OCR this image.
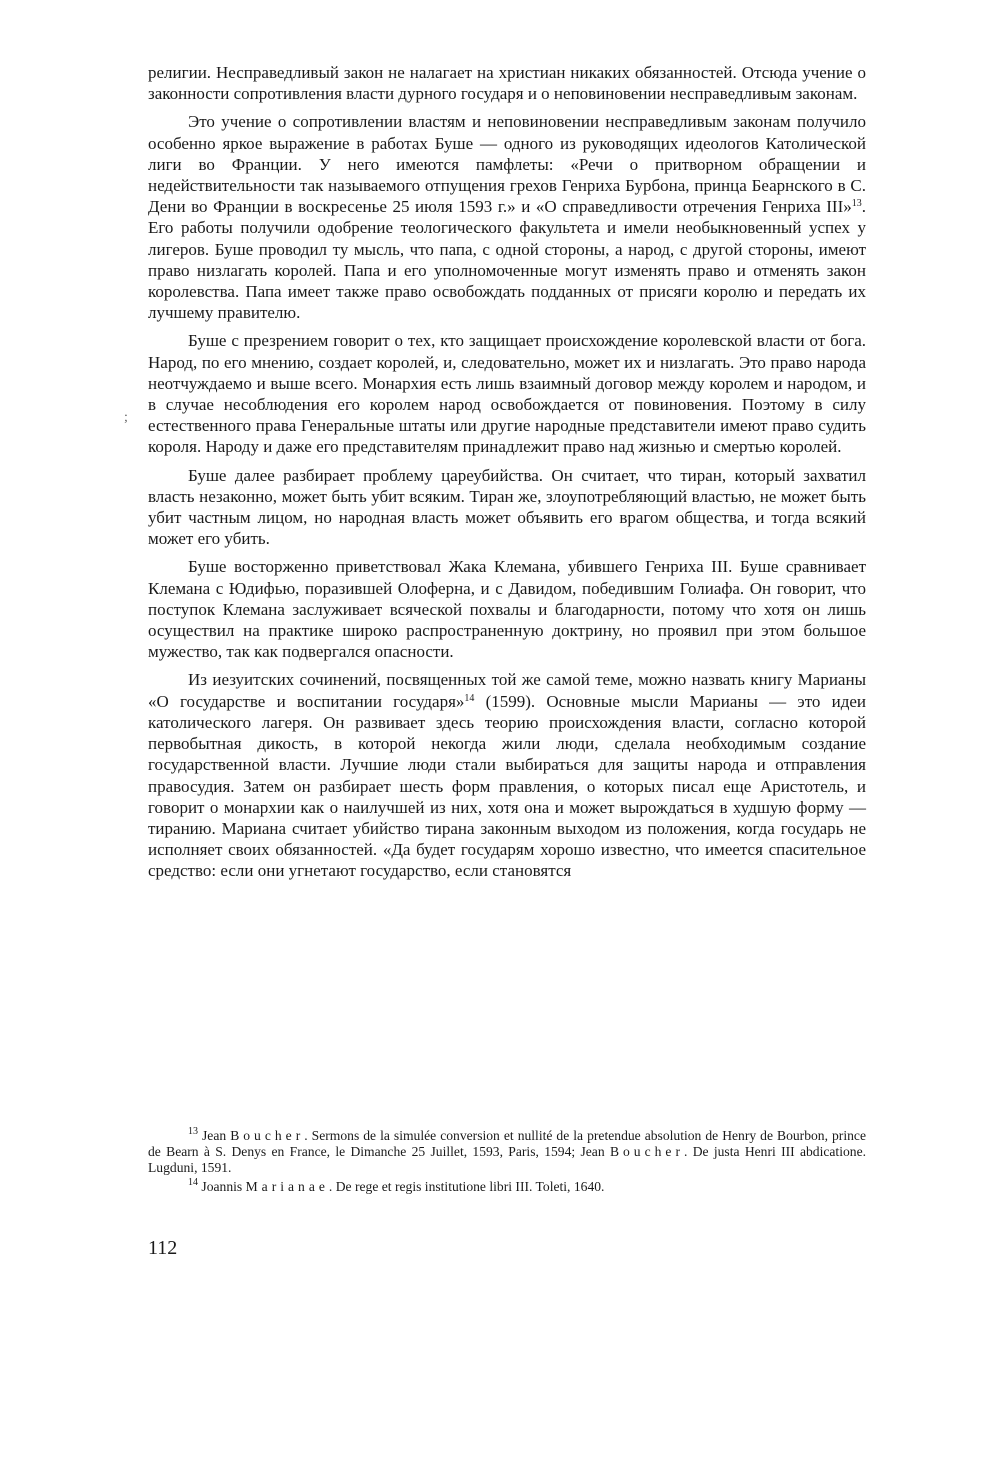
религии. Несправедливый закон не налагает на христиан никаких обязанностей. Отсюда учение о законности сопротивления власти дурного государя и о неповиновении несправедливым законам.

Это учение о сопротивлении властям и неповиновении несправедливым законам получило особенно яркое выражение в работах Буше — одного из руководящих идеологов Католической лиги во Франции. У него имеются памфлеты: «Речи о притворном обращении и недействительности так называемого отпущения грехов Генриха Бурбона, принца Беарнского в С. Дени во Франции в воскресенье 25 июля 1593 г.» и «О справедливости отречения Генриха III»$^{13}$. Его работы получили одобрение теологического факультета и имели необыкновенный успех у лигеров. Буше проводил ту мысль, что папа, с одной стороны, а народ, с другой стороны, имеют право низлагать королей. Папа и его уполномоченные могут изменять право и отменять закон королевства. Папа имеет также право освобождать подданных от присяги королю и передать их лучшему правителю.

Буше с презрением говорит о тех, кто защищает происхождение королевской власти от бога. Народ, по его мнению, создает королей, и, следовательно, может их и низлагать. Это право народа неотчуждаемо и выше всего. Монархия есть лишь взаимный договор между королем и народом, и в случае несоблюдения его королем народ освобождается от повиновения. Поэтому в силу естественного права Генеральные штаты или другие народные представители имеют право судить короля. Народу и даже его представителям принадлежит право над жизнью и смертью королей.

Буше далее разбирает проблему цареубийства. Он считает, что тиран, который захватил власть незаконно, может быть убит всяким. Тиран же, злоупотребляющий властью, не может быть убит частным лицом, но народная власть может объявить его врагом общества, и тогда всякий может его убить.

Буше восторженно приветствовал Жака Клемана, убившего Генриха III. Буше сравнивает Клемана с Юдифью, поразившей Олоферна, и с Давидом, победившим Голиафа. Он говорит, что поступок Клемана заслуживает всяческой похвалы и благодарности, потому что хотя он лишь осуществил на практике широко распространенную доктрину, но проявил при этом большое мужество, так как подвергался опасности.

Из иезуитских сочинений, посвященных той же самой теме, можно назвать книгу Марианы «О государстве и воспитании государя»$^{14}$ (1599). Основные мысли Марианы — это идеи католического лагеря. Он развивает здесь теорию происхождения власти, согласно которой первобытная дикость, в которой некогда жили люди, сделала необходимым создание государственной власти. Лучшие люди стали выбираться для защиты народа и отправления правосудия. Затем он разбирает шесть форм правления, о которых писал еще Аристотель, и говорит о монархии как о наилучшей из них, хотя она и может вырождаться в худшую форму — тиранию. Мариана считает убийство тирана законным выходом из положения, когда государь не исполняет своих обязанностей. «Да будет государям хорошо известно, что имеется спасительное средство: если они угнетают государство, если становятся

;

$^{13}$ Jean Boucher. Sermons de la simulée conversion et nullité de la pretendue absolution de Henry de Bourbon, prince de Bearn à S. Denys en France, le Dimanche 25 Juillet, 1593, Paris, 1594; Jean Boucher. De justa Henri III abdicatione. Lugduni, 1591.

$^{14}$ Joannis Marianae. De rege et regis institutione libri III. Toleti, 1640.

112
